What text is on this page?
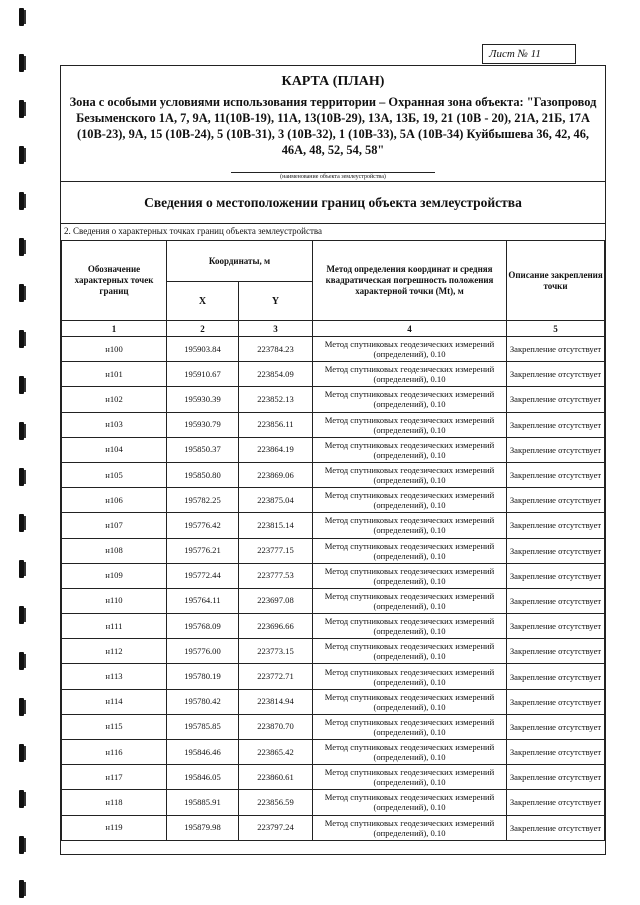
Лист № 11
КАРТА (ПЛАН)
Зона с особыми условиями использования территории – Охранная зона объекта: "Газопровод Безыменского 1А, 7, 9А, 11(10В-19), 11А, 13(10В-29), 13А, 13Б, 19, 21 (10В - 20), 21А, 21Б, 17А (10В-23), 9А, 15 (10В-24), 5 (10В-31), 3 (10В-32), 1 (10В-33), 5А (10В-34) Куйбышева 36, 42, 46, 46А, 48, 52, 54, 58"
(наименование объекта землеустройства)
Сведения о местоположении границ объекта землеустройства
2. Сведения о характерных точках границ объекта землеустройства
Обозначение характерных точек границ	Координаты, м		Метод определения координат и средняя квадратическая погрешность положения характерной точки (Mt), м	Описание закрепления точки
	X	Y		
1	2	3	4	5
н100	195903.84	223784.23	Метод спутниковых геодезических измерений (определений), 0.10	Закрепление отсутствует
н101	195910.67	223854.09	Метод спутниковых геодезических измерений (определений), 0.10	Закрепление отсутствует
н102	195930.39	223852.13	Метод спутниковых геодезических измерений (определений), 0.10	Закрепление отсутствует
н103	195930.79	223856.11	Метод спутниковых геодезических измерений (определений), 0.10	Закрепление отсутствует
н104	195850.37	223864.19	Метод спутниковых геодезических измерений (определений), 0.10	Закрепление отсутствует
н105	195850.80	223869.06	Метод спутниковых геодезических измерений (определений), 0.10	Закрепление отсутствует
н106	195782.25	223875.04	Метод спутниковых геодезических измерений (определений), 0.10	Закрепление отсутствует
н107	195776.42	223815.14	Метод спутниковых геодезических измерений (определений), 0.10	Закрепление отсутствует
н108	195776.21	223777.15	Метод спутниковых геодезических измерений (определений), 0.10	Закрепление отсутствует
н109	195772.44	223777.53	Метод спутниковых геодезических измерений (определений), 0.10	Закрепление отсутствует
н110	195764.11	223697.08	Метод спутниковых геодезических измерений (определений), 0.10	Закрепление отсутствует
н111	195768.09	223696.66	Метод спутниковых геодезических измерений (определений), 0.10	Закрепление отсутствует
н112	195776.00	223773.15	Метод спутниковых геодезических измерений (определений), 0.10	Закрепление отсутствует
н113	195780.19	223772.71	Метод спутниковых геодезических измерений (определений), 0.10	Закрепление отсутствует
н114	195780.42	223814.94	Метод спутниковых геодезических измерений (определений), 0.10	Закрепление отсутствует
н115	195785.85	223870.70	Метод спутниковых геодезических измерений (определений), 0.10	Закрепление отсутствует
н116	195846.46	223865.42	Метод спутниковых геодезических измерений (определений), 0.10	Закрепление отсутствует
н117	195846.05	223860.61	Метод спутниковых геодезических измерений (определений), 0.10	Закрепление отсутствует
н118	195885.91	223856.59	Метод спутниковых геодезических измерений (определений), 0.10	Закрепление отсутствует
н119	195879.98	223797.24	Метод спутниковых геодезических измерений (определений), 0.10	Закрепление отсутствует
